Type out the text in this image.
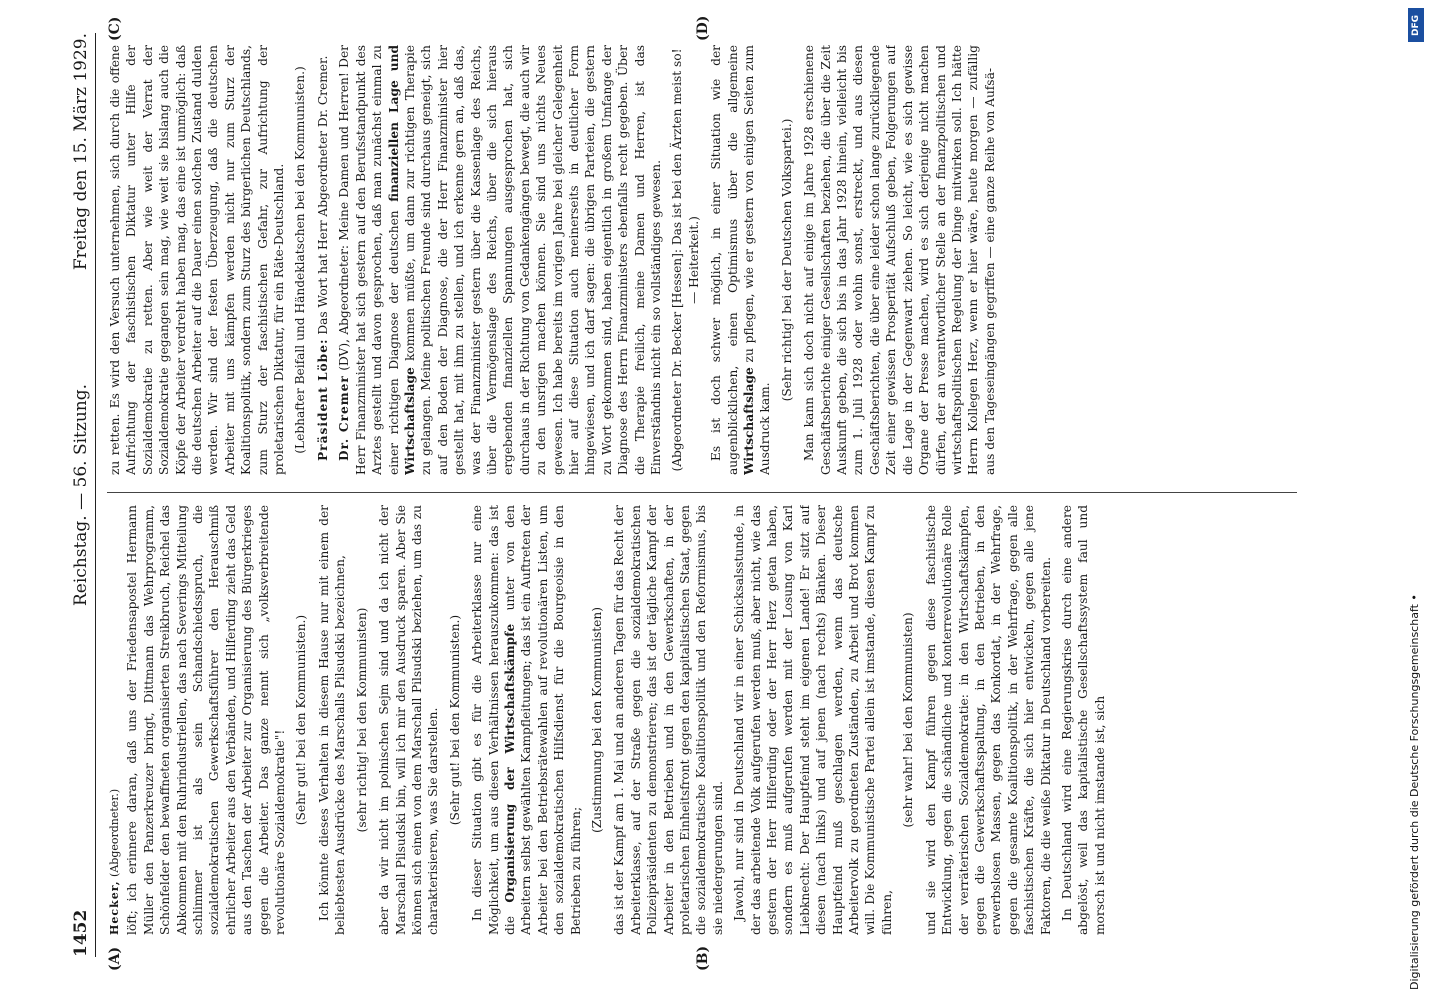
1452
Reichstag. — 56. Sitzung.
Freitag den 15. März 1929.
(A)	(B)
(C)	(D)

Hecker, (Abgeordneter.) löft; ich erinnere daran, daß uns der Friedensapostel Hermann Müller den Panzerkreuzer bringt, Dittmann das Wehrprogramm, Schönfelder den bewaffneten organisierten Streikbruch, Reichel das Abkommen mit den Ruhrindustriellen, das nach Severings Mitteilung schlimmer ist als sein Schandschiedsspruch, die sozialdemokratischen Gewerkschaftsführer den Herauschmiß ehrlicher Arbeiter aus den Verbänden, und Hilferding zieht das Geld aus den Taschen der Arbeiter zur Organisierung des Bürgerkrieges gegen die Arbeiter. Das ganze nennt sich „volksverbreitende revolutionäre Sozialdemokratie"!

(Sehr gut! bei den Kommunisten.) Ich könnte dieses Verhalten in diesem Hause nur mit einem der beliebtesten Ausdrücke des Marschalls Pilsudski bezeichnen, (sehr richtig! bei den Kommunisten) aber da wir nicht im polnischen Sejm sind und da ich nicht der Marschall Pilsudski bin, will ich mir den Ausdruck sparen. Aber Sie können sich einen von dem Marschall Pilsudski beziehen, um das zu charakterisieren, was Sie darstellen. (Sehr gut! bei den Kommunisten.) In dieser Situation gibt es für die Arbeiterklasse nur eine Möglichkeit, um aus diesen Verhältnissen herauszukommen: das ist die Organisierung der Wirtschaftskämpfe unter von den Arbeitern selbst gewählten Kampfleitungen; das ist ein Auftreten der Arbeiter bei den Betriebsrätewahlen auf revolutionären Listen, um den sozialdemokratischen Hilfsdienst für die Bourgeoisie in den Betrieben zu führen;

(Zustimmung bei den Kommunisten) das ist der Kampf am 1. Mai und an anderen Tagen für das Recht der Arbeiterklasse, auf der Straße gegen die sozialdemokratischen Polizeipräsidenten zu demonstrieren; das ist der tägliche Kampf der Arbeiter in den Betrieben und in den Gewerkschaften, in der proletarischen Einheitsfront gegen den kapitalistischen Staat, gegen die sozialdemokratische Koalitionspolitik und den Reformismus, bis sie niedergerungen sind. Jawohl, nur sind in Deutschland wir in einer Schicksalsstunde, in der das arbeitende Volk aufgerufen werden muß, aber nicht, wie das gestern der Herr Hilferding oder der Herr Herz getan haben, sondern es muß aufgerufen werden mit der Losung von Karl Liebknecht: Der Hauptfeind steht im eigenen Lande! Er sitzt auf diesen (nach links) und auf jenen (nach rechts) Bänken. Dieser Hauptfeind muß geschlagen werden, wenn das deutsche Arbeitervolk zu geordneten Zuständen, zu Arbeit und Brot kommen will. Die Kommunistische Partei allein ist imstande, diesen Kampf zu führen,

(sehr wahr! bei den Kommunisten) und sie wird den Kampf führen gegen diese faschistische Entwicklung, gegen die schändliche und konterrevolutionäre Rolle der verräterischen Sozialdemokratie: in den Wirtschaftskämpfen, gegen die Gewerkschaftsspaltung, in den Betrieben, in den erwerbslosen Massen, gegen das Konkordat, in der Wehrfrage, gegen die gesamte Koalitionspolitik, in der Wehrfrage, gegen alle faschistischen Kräfte, die sich hier entwickeln, gegen alle jene Faktoren, die die weiße Diktatur in Deutschland vorbereiten. In Deutschland wird eine Regierungskrise durch eine andere abgelöst, weil das kapitalistische Gesellschaftssystem faul und morsch ist und nicht imstande ist, sich

zu retten. Es wird den Versuch unternehmen, sich durch die offene Aufrichtung der faschistischen Diktatur unter Hilfe der Sozialdemokratie zu retten. Aber wie weit der Verrat der Sozialdemokratie gegangen sein mag, wie weit sie bislang auch die Köpfe der Arbeiter verdreht haben mag, das eine ist unmöglich: daß die deutschen Arbeiter auf die Dauer einen solchen Zustand dulden werden. Wir sind der festen Überzeugung, daß die deutschen Arbeiter mit uns kämpfen werden nicht nur zum Sturz der Koalitionspolitik, sondern zum Sturz des bürgerlichen Deutschlands, zum Sturz der faschistischen Gefahr, zur Aufrichtung der proletarischen Diktatur, für ein Räte-Deutschland. (Lebhafter Beifall und Händeklatschen bei den Kommunisten.) Präsident Löbe: Das Wort hat Herr Abgeordneter Dr. Cremer.

Dr. Cremer (DV), Abgeordneter: Meine Damen und Herren! Der Herr Finanzminister hat sich gestern auf den Berufsstandpunkt des Arztes gestellt und davon gesprochen, daß man zunächst einmal zu einer richtigen Diagnose der deutschen finanziellen Lage und Wirtschaftslage kommen müßte, um dann zur richtigen Therapie zu gelangen. Meine politischen Freunde sind durchaus geneigt, sich auf den Boden der Diagnose, die der Herr Finanzminister hier gestellt hat, mit ihm zu stellen, und ich erkenne gern an, daß das, was der Finanzminister gestern über die Kassenlage des Reichs, über die Vermögenslage des Reichs, über die sich hieraus ergebenden finanziellen Spannungen ausgesprochen hat, sich durchaus in der Richtung von Gedankengängen bewegt, die auch wir zu den unsrigen machen können. Sie sind uns nichts Neues gewesen. Ich habe bereits im vorigen Jahre bei gleicher Gelegenheit hier auf diese Situation auch meinerseits in deutlicher Form hingewiesen, und ich darf sagen: die übrigen Parteien, die gestern zu Wort gekommen sind, haben eigentlich in großem Umfange der Diagnose des Herrn Finanzministers ebenfalls recht gegeben. Über die Therapie freilich, meine Damen und Herren, ist das Einverständnis nicht ein so vollständiges gewesen. (Abgeordneter Dr. Becker [Hessen]: Das ist bei den Ärzten meist so! — Heiterkeit.) Es ist doch schwer möglich, in einer Situation wie der augenblicklichen, einen Optimismus über die allgemeine Wirtschaftslage zu pflegen, wie er gestern von einigen Seiten zum Ausdruck kam.

(Sehr richtig! bei der Deutschen Volkspartei.) Man kann sich doch nicht auf einige im Jahre 1928 erschienene Geschäftsberichte einiger Gesellschaften beziehen, die über die Zeit Auskunft geben, die sich bis in das Jahr 1928 hinein, vielleicht bis zum 1. Juli 1928 oder wohin sonst, erstreckt, und aus diesen Geschäftsberichten, die über eine leider schon lange zurückliegende Zeit einer gewissen Prosperität Aufschluß geben, Folgerungen auf die Lage in der Gegenwart ziehen. So leicht, wie es sich gewisse Organe der Presse machen, wird es sich derjenige nicht machen dürfen, der an verantwortlicher Stelle an der finanzpolitischen und wirtschaftspolitischen Regelung der Dinge mitwirken soll. Ich hätte Herrn Kollegen Herz, wenn er hier wäre, heute morgen — zufällig aus den Tageseingängen gegriffen — eine ganze Reihe von Aufsä-

DFG
Digitalisierung gefördert durch die Deutsche Forschungsgemeinschaft •
